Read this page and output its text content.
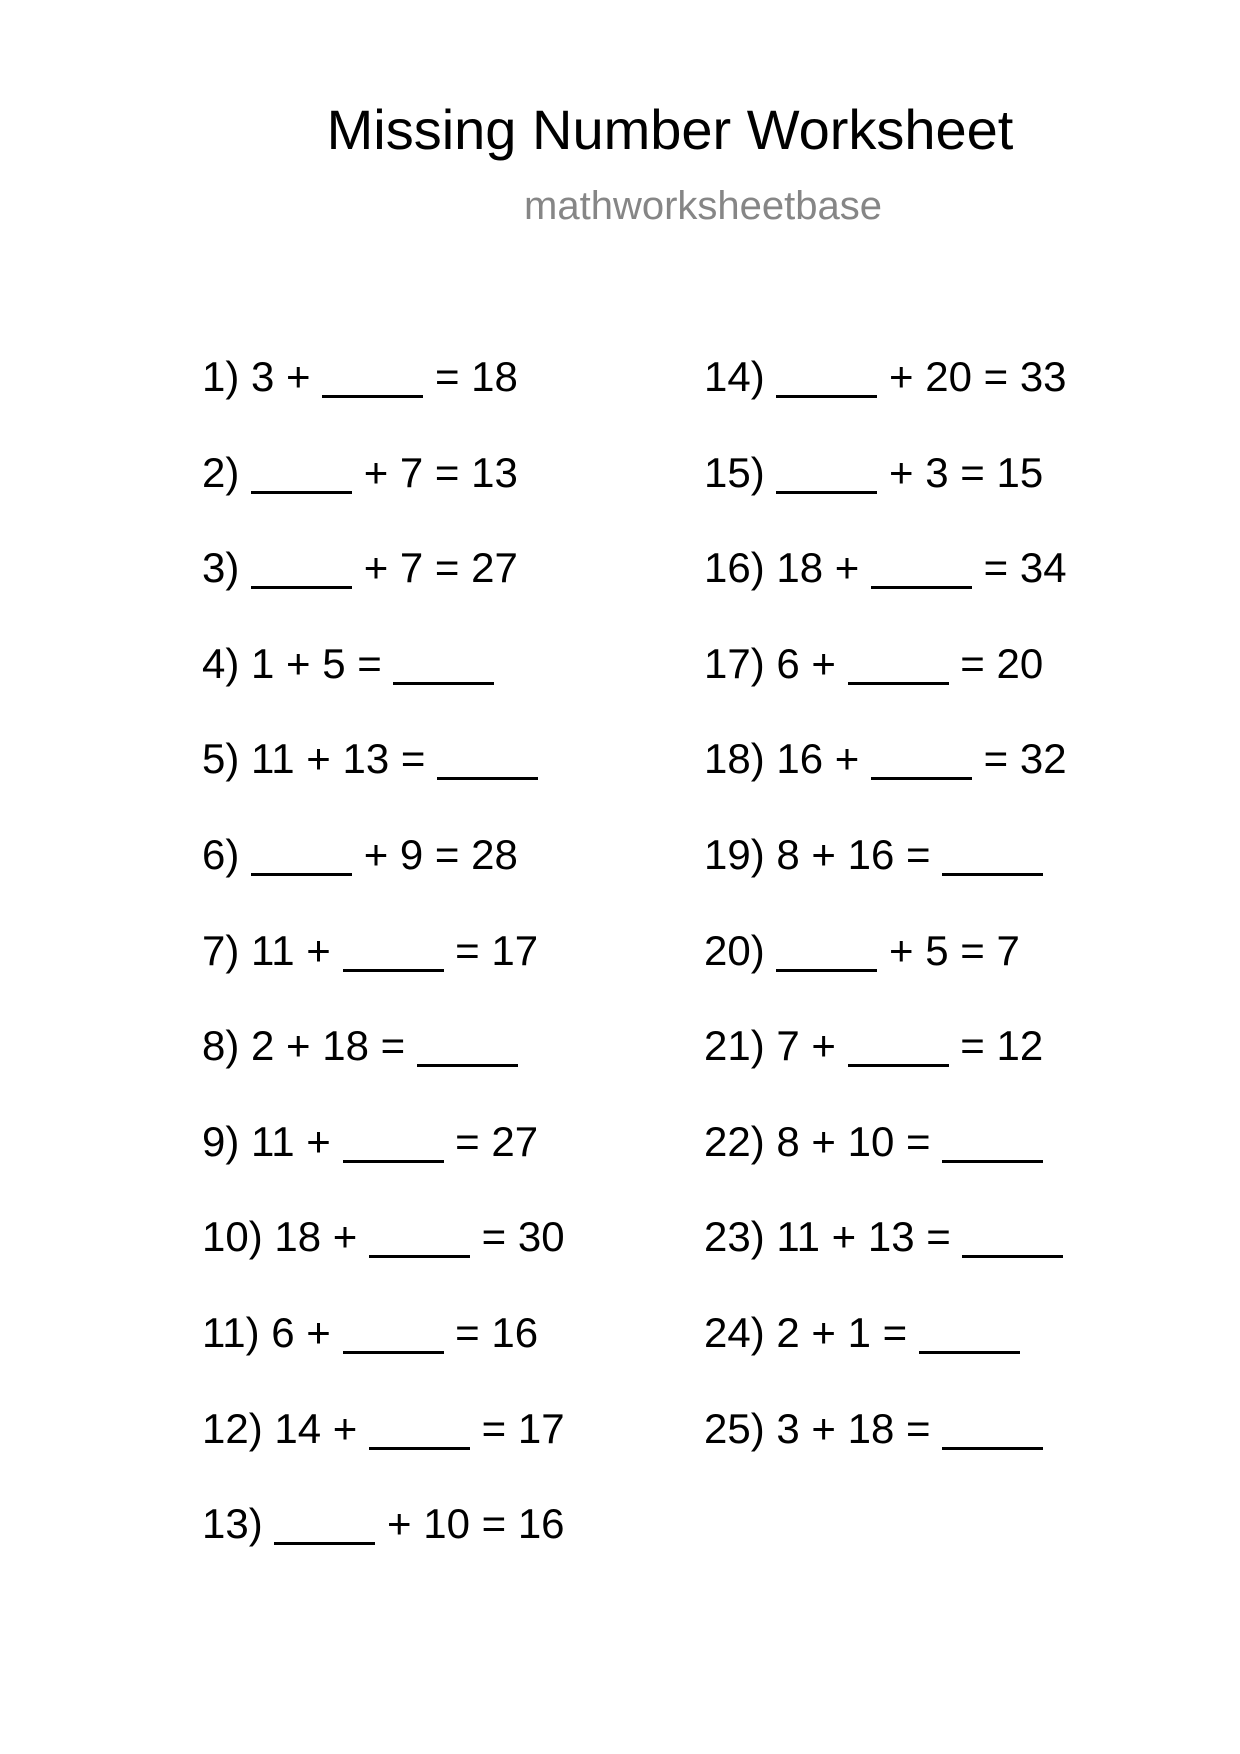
Missing Number Worksheet
mathworksheetbase
1) 3 +	= 18
2)	+ 7 = 13
3)	+ 7 = 27
4) 1 + 5 =
5) 11 + 13 =
6)	+ 9 = 28
7) 11 +	= 17
8) 2 + 18 =
9) 11 +	= 27
10) 18 +	= 30
11) 6 +	= 16
12) 14 +	= 17
13)	+ 10 = 16
14)	+ 20 = 33
15)	+ 3 = 15
16) 18 +	= 34
17) 6 +	= 20
18) 16 +	= 32
19) 8 + 16 =
20)	+ 5 = 7
21) 7 +	= 12
22) 8 + 10 =
23) 11 + 13 =
24) 2 + 1 =
25) 3 + 18 =
